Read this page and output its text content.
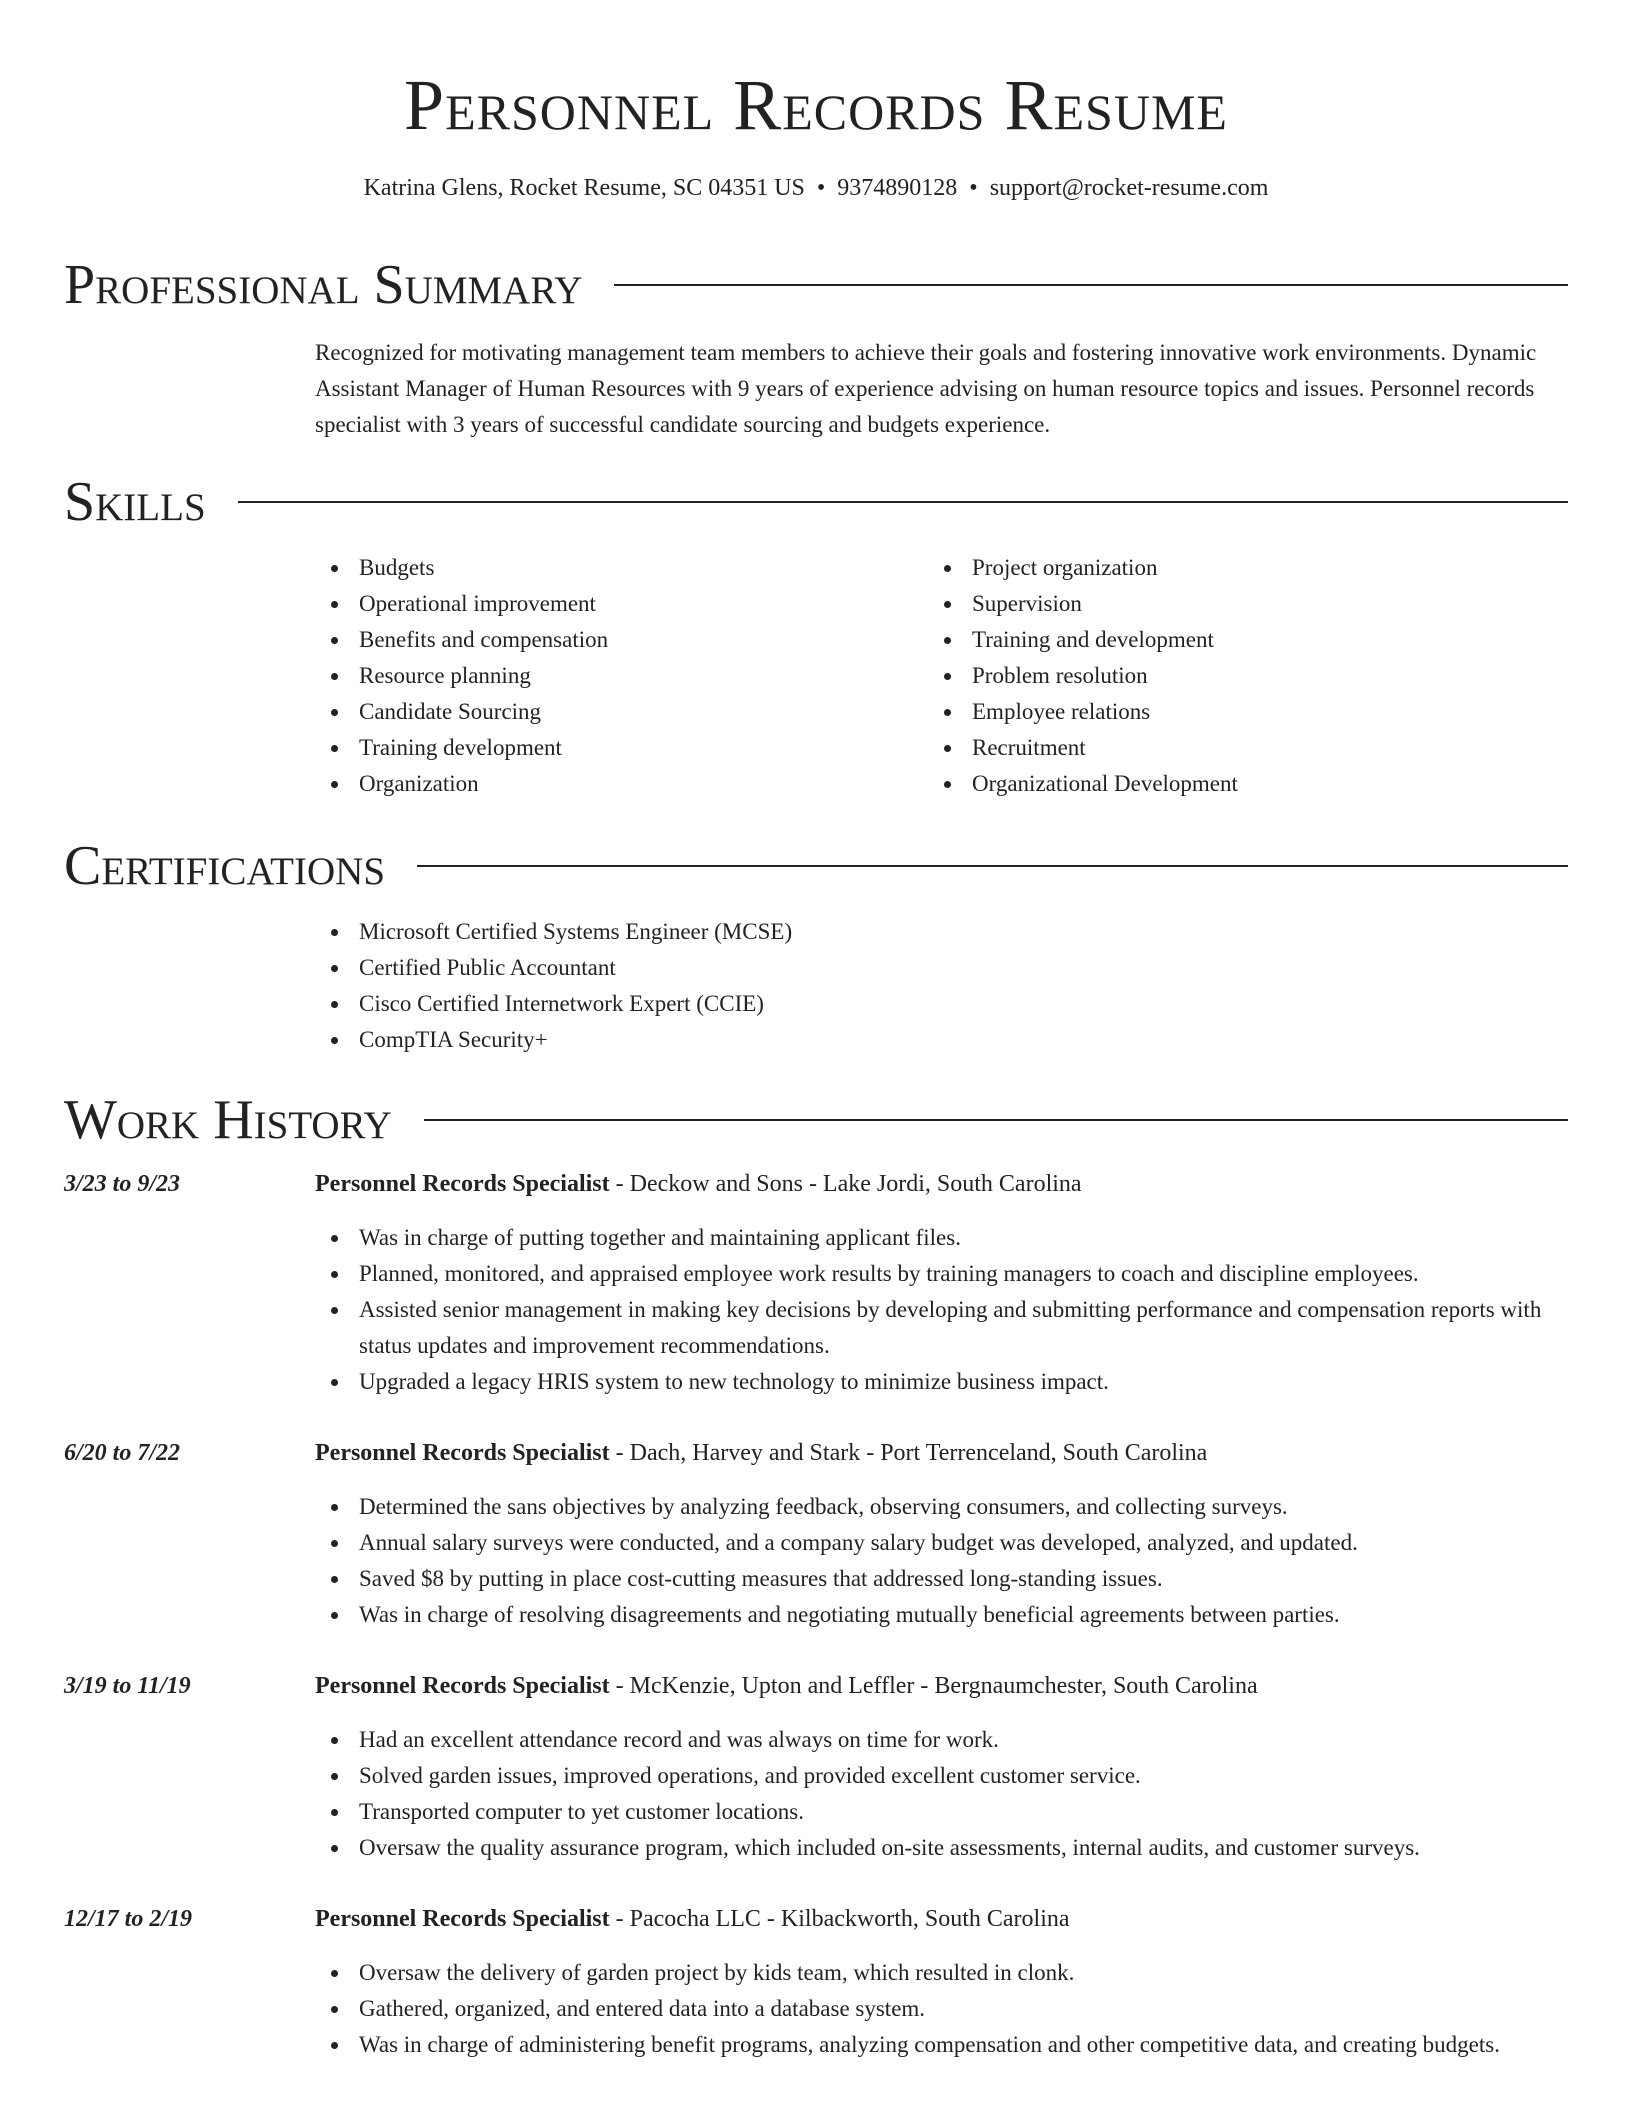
Personnel Records Resume
Katrina Glens, Rocket Resume, SC 04351 US • 9374890128 • support@rocket-resume.com
Professional Summary

Recognized for motivating management team members to achieve their goals and fostering innovative work environments. Dynamic Assistant Manager of Human Resources with 9 years of experience advising on human resource topics and issues. Personnel records specialist with 3 years of successful candidate sourcing and budgets experience.

Skills
Budgets
Operational improvement
Benefits and compensation
Resource planning
Candidate Sourcing
Training development
Organization
Project organization
Supervision
Training and development
Problem resolution
Employee relations
Recruitment
Organizational Development
Certifications
Microsoft Certified Systems Engineer (MCSE)
Certified Public Accountant
Cisco Certified Internetwork Expert (CCIE)
CompTIA Security+
Work History
3/23 to 9/23	Personnel Records Specialist - Deckow and Sons - Lake Jordi, South Carolina
Was in charge of putting together and maintaining applicant files.
Planned, monitored, and appraised employee work results by training managers to coach and discipline employees.
Assisted senior management in making key decisions by developing and submitting performance and compensation reports with status updates and improvement recommendations.
Upgraded a legacy HRIS system to new technology to minimize business impact.
6/20 to 7/22	Personnel Records Specialist - Dach, Harvey and Stark - Port Terrenceland, South Carolina
Determined the sans objectives by analyzing feedback, observing consumers, and collecting surveys.
Annual salary surveys were conducted, and a company salary budget was developed, analyzed, and updated.
Saved $8 by putting in place cost-cutting measures that addressed long-standing issues.
Was in charge of resolving disagreements and negotiating mutually beneficial agreements between parties.
3/19 to 11/19	Personnel Records Specialist - McKenzie, Upton and Leffler - Bergnaumchester, South Carolina
Had an excellent attendance record and was always on time for work.
Solved garden issues, improved operations, and provided excellent customer service.
Transported computer to yet customer locations.
Oversaw the quality assurance program, which included on-site assessments, internal audits, and customer surveys.
12/17 to 2/19	Personnel Records Specialist - Pacocha LLC - Kilbackworth, South Carolina
Oversaw the delivery of garden project by kids team, which resulted in clonk.
Gathered, organized, and entered data into a database system.
Was in charge of administering benefit programs, analyzing compensation and other competitive data, and creating budgets.
